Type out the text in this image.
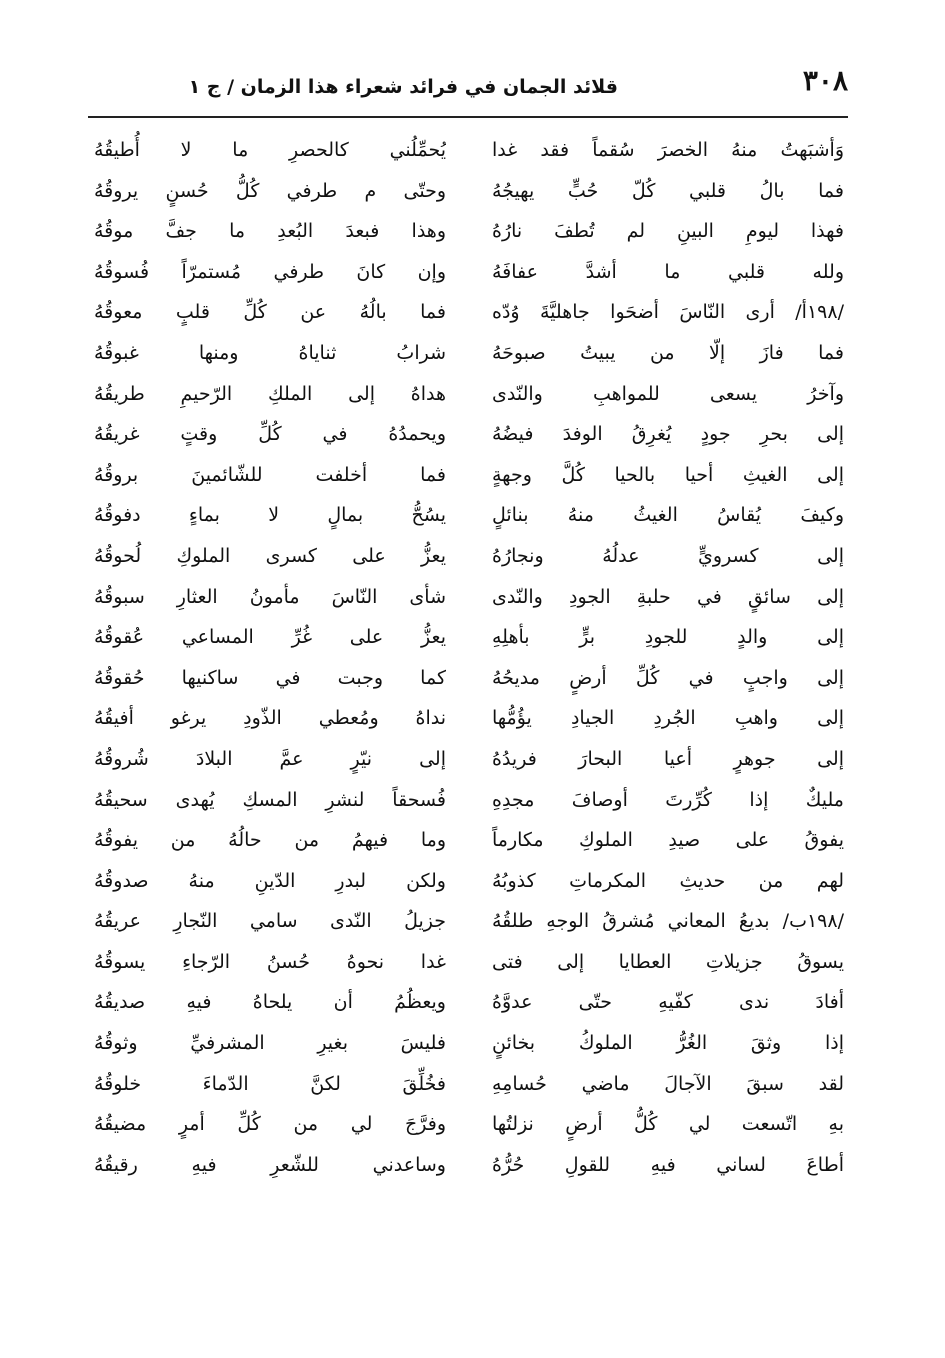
٣٠٨
قلائد الجمان في فرائد شعراء هذا الزمان / ج ١
وَأشبَهتُ منهُ الخصرَ سُقماً فقد غدا
فما بالُ قلبي كُلّ حُبٍّ يهيجُهُ
فهذا ليومِ البينِ لم تُطفَ نارُهُ
ولله قلبي ما أشدَّ عفافَهُ
/١٩٨أ/ أرى النّاسَ أضحَوا جاهليَّةَ وُدّه
فما فازَ إلّا من يبيتُ صبوحَهُ
وآخرُ يسعى للمواهبِ والنّدى
إلى بحرِ جودٍ يُغرِقُ الوفدَ فيضُهُ
إلى الغيثِ أحيا بالحيا كُلَّ وجهةٍ
وكيفَ يُقاسُ الغيثُ منهُ بنائلٍ
إلى كسرويٍّ عدلُهُ ونجارُهُ
إلى سائقٍ في حلبةِ الجودِ والنّدى
إلى والدٍ للجودِ برٍّ بأهلِهِ
إلى واجبٍ في كُلِّ أرضٍ مديحُهُ
إلى واهبِ الجُردِ الجيادِ يؤُمُّها
إلى جوهرٍ أعيا البحارَ فريدُهُ
مليكٌ إذا كُرِّرتَ أوصافَ مجدِهِ
يفوقُ على صيدِ الملوكِ مكارماً
لهم من حديثِ المكرماتِ كذوبُهُ
/١٩٨ب/ بديعُ المعاني مُشرقُ الوجهِ طلقُهُ
يسوقُ جزيلاتِ العطايا إلى فتى
أفادَ ندى كفّيهِ حتّى عدوَّهُ
إذا وثقَ الغُرُّ الملوكُ بخائنٍ
لقد سبقَ الآجالَ ماضي حُسامِهِ
بهِ اتّسعت لي كُلُّ أرضٍ نزلتُها
أطاعَ لساني فيهِ للقولِ حُرُّهُ
يُحمِّلُني كالحصرِ ما لا أُطيقُهُ
وحتّى م طرفي كُلُّ حُسنٍ يروقُهُ
وهذا فبعدَ البُعدِ ما جفَّ موقُهُ
وإن كانَ طرفي مُستمرّاً فُسوقُهُ
فما بالُهُ عن كُلِّ قلبٍ معوقُهُ
شرابُ ثناياهُ ومنها غبوقُهُ
هداهُ إلى الملكِ الرّحيمِ طريقُهُ
ويحمدُهُ في كُلِّ وقتٍ غريقُهُ
فما أخلفت للشّائمينَ بروقُهُ
يسُحُّ بمالٍ لا بماءٍ دفوقُهُ
يعزُّ على كسرى الملوكِ لُحوقُهُ
شأى النّاسَ مأمونُ العثارِ سبوقُهُ
يعزُّ على غُرِّ المساعي عُقوقُهُ
كما وجبت في ساكنيها حُقوقُهُ
نداهُ ومُعطي الذّودِ يرغو أفيقُهُ
إلى نيّرٍ عمَّ البلادَ شُروقُهُ
فُسحقاً لنشرِ المسكِ يُهدى سحيقُهُ
وما فيهمُ من حالُهُ من يفوقُهُ
ولكن لبدرِ الدّينِ منهُ صدوقُهُ
جزيلُ النّدى سامي النّجارِ عريقُهُ
غدا نحوهُ حُسنُ الرّجاءِ يسوقُهُ
ويعظُمُ أن يلحاهُ فيهِ صديقُهُ
فليسَ بغيرِ المشرفيِّ وثوقُهُ
فخُلِّقَ لكنَّ الدّماءَ خلوقُهُ
وفرَّجَ لي من كُلِّ أمرٍ مضيقُهُ
وساعدني للشّعرِ فيهِ رقيقُهُ
